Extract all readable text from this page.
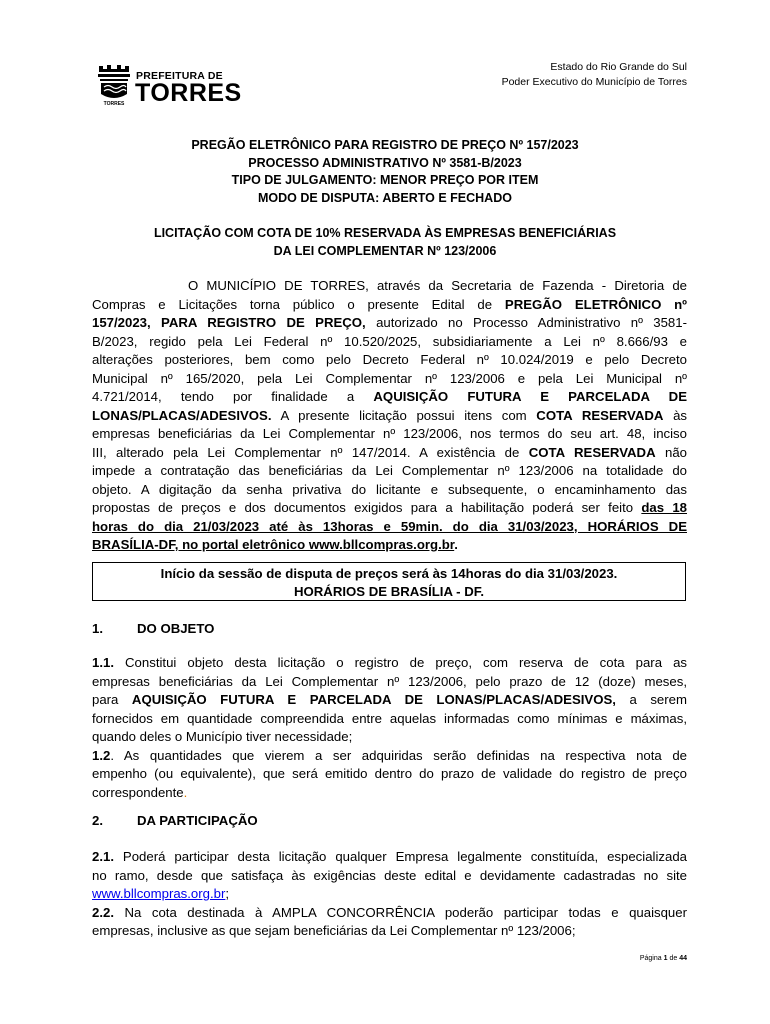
TORRES
PREFEITURA DE
TORRES
Estado do Rio Grande do Sul
Poder Executivo do Município de Torres
PREGÃO ELETRÔNICO PARA REGISTRO DE PREÇO Nº 157/2023
PROCESSO ADMINISTRATIVO Nº 3581-B/2023
TIPO DE JULGAMENTO: MENOR PREÇO POR ITEM
MODO DE DISPUTA: ABERTO E FECHADO
LICITAÇÃO COM COTA DE 10% RESERVADA ÀS EMPRESAS BENEFICIÁRIAS
DA LEI COMPLEMENTAR Nº 123/2006
O MUNICÍPIO DE TORRES, através da Secretaria de Fazenda - Diretoria de
Compras e Licitações torna público o presente Edital de PREGÃO ELETRÔNICO nº
157/2023, PARA REGISTRO DE PREÇO, autorizado no Processo Administrativo nº 3581-
B/2023, regido pela Lei Federal nº 10.520/2025, subsidiariamente a Lei nº 8.666/93 e
alterações posteriores, bem como pelo Decreto Federal nº 10.024/2019 e pelo Decreto
Municipal nº 165/2020, pela Lei Complementar nº 123/2006 e pela Lei Municipal nº
4.721/2014, tendo por finalidade a AQUISIÇÃO FUTURA E PARCELADA DE
LONAS/PLACAS/ADESIVOS. A presente licitação possui itens com COTA RESERVADA às
empresas beneficiárias da Lei Complementar nº 123/2006, nos termos do seu art. 48, inciso
III, alterado pela Lei Complementar nº 147/2014. A existência de COTA RESERVADA não
impede a contratação das beneficiárias da Lei Complementar nº 123/2006 na totalidade do
objeto. A digitação da senha privativa do licitante e subsequente, o encaminhamento das
propostas de preços e dos documentos exigidos para a habilitação poderá ser feito das 18
horas do dia 21/03/2023 até às 13horas e 59min. do dia 31/03/2023, HORÁRIOS DE
BRASÍLIA-DF, no portal eletrônico www.bllcompras.org.br.
Início da sessão de disputa de preços será às 14horas do dia 31/03/2023.
HORÁRIOS DE BRASÍLIA - DF.
1.	DO OBJETO
1.1. Constitui objeto desta licitação o registro de preço, com reserva de cota para as
empresas beneficiárias da Lei Complementar nº 123/2006, pelo prazo de 12 (doze) meses,
para AQUISIÇÃO FUTURA E PARCELADA DE LONAS/PLACAS/ADESIVOS, a serem
fornecidos em quantidade compreendida entre aquelas informadas como mínimas e máximas,
quando deles o Município tiver necessidade;
1.2. As quantidades que vierem a ser adquiridas serão definidas na respectiva nota de
empenho (ou equivalente), que será emitido dentro do prazo de validade do registro de preço
correspondente.
2.	DA PARTICIPAÇÃO
2.1. Poderá participar desta licitação qualquer Empresa legalmente constituída, especializada
no ramo, desde que satisfaça às exigências deste edital e devidamente cadastradas no site
www.bllcompras.org.br;
2.2. Na cota destinada à AMPLA CONCORRÊNCIA poderão participar todas e quaisquer
empresas, inclusive as que sejam beneficiárias da Lei Complementar nº 123/2006;
Página 1 de 44
